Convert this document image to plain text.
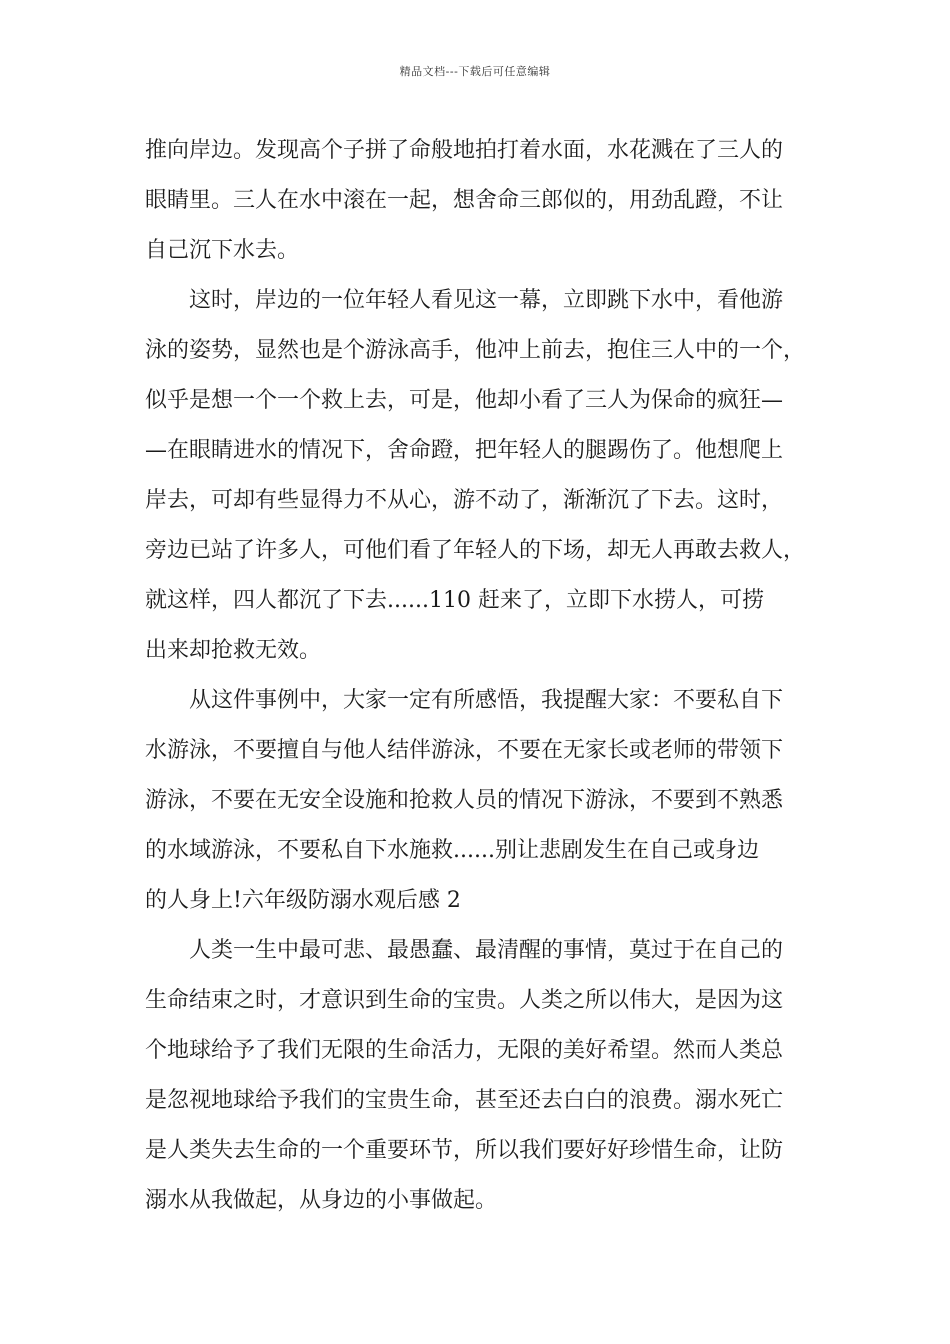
精品文档---下载后可任意编辑
推向岸边。发现高个子拼了命般地拍打着水面，水花溅在了三人的
眼睛里。三人在水中滚在一起，想舍命三郎似的，用劲乱蹬，不让
自己沉下水去。
这时，岸边的一位年轻人看见这一幕，立即跳下水中，看他游
泳的姿势，显然也是个游泳高手，他冲上前去，抱住三人中的一个，
似乎是想一个一个救上去，可是，他却小看了三人为保命的疯狂—
—在眼睛进水的情况下，舍命蹬，把年轻人的腿踢伤了。他想爬上
岸去，可却有些显得力不从心，游不动了，渐渐沉了下去。这时，
旁边已站了许多人，可他们看了年轻人的下场，却无人再敢去救人，
就这样，四人都沉了下去......110 赶来了，立即下水捞人，可捞
出来却抢救无效。
从这件事例中，大家一定有所感悟，我提醒大家：不要私自下
水游泳，不要擅自与他人结伴游泳，不要在无家长或老师的带领下
游泳，不要在无安全设施和抢救人员的情况下游泳，不要到不熟悉
的水域游泳，不要私自下水施救......别让悲剧发生在自己或身边
的人身上!六年级防溺水观后感 2
人类一生中最可悲、最愚蠢、最清醒的事情，莫过于在自己的
生命结束之时，才意识到生命的宝贵。人类之所以伟大，是因为这
个地球给予了我们无限的生命活力，无限的美好希望。然而人类总
是忽视地球给予我们的宝贵生命，甚至还去白白的浪费。溺水死亡
是人类失去生命的一个重要环节，所以我们要好好珍惜生命，让防
溺水从我做起，从身边的小事做起。
